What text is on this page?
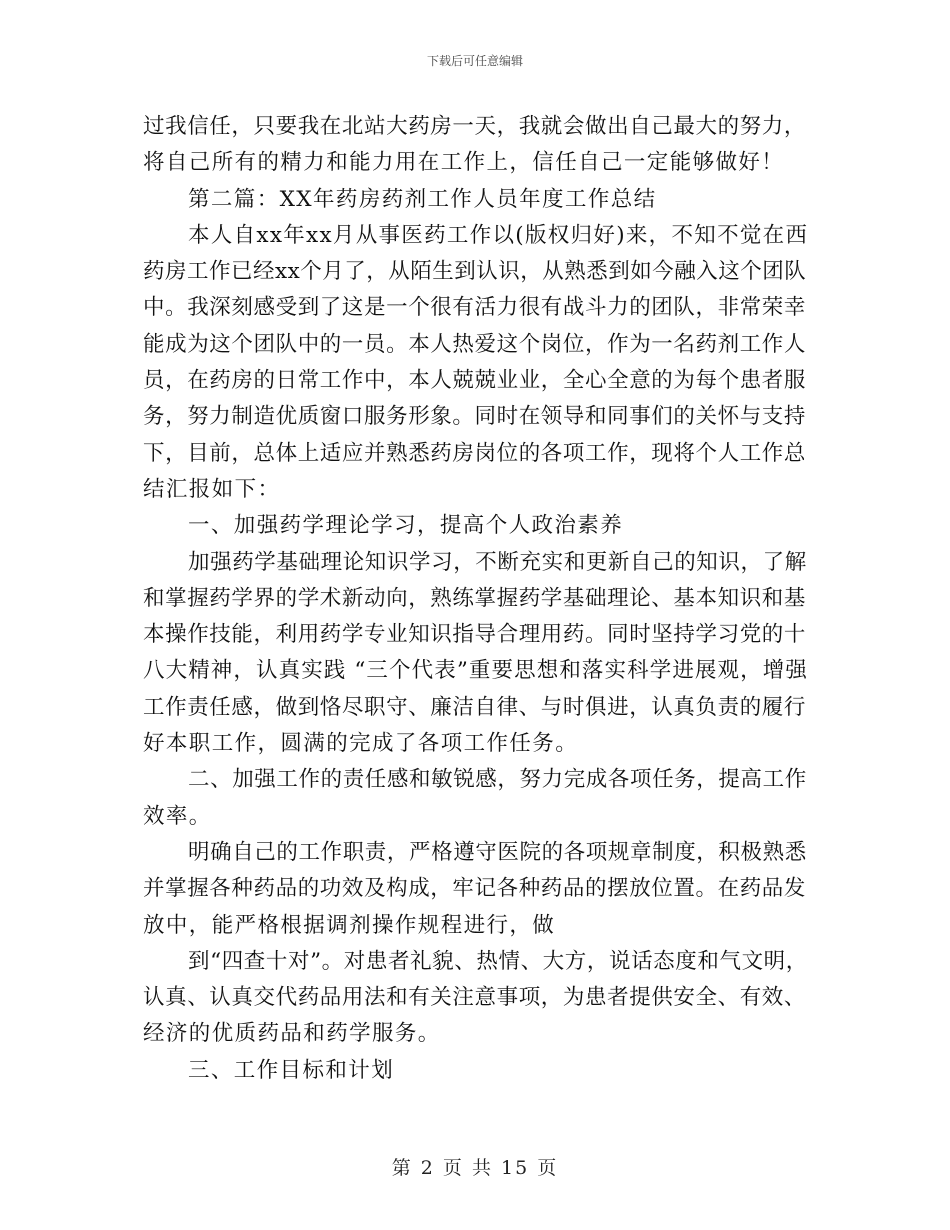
下载后可任意编辑
过我信任，只要我在北站大药房一天，我就会做出自己最大的努力，
将自己所有的精力和能力用在工作上，信任自己一定能够做好！
第二篇：XX年药房药剂工作人员年度工作总结
本人自xx年xx月从事医药工作以(版权归好)来，不知不觉在西
药房工作已经xx个月了，从陌生到认识，从熟悉到如今融入这个团队
中。我深刻感受到了这是一个很有活力很有战斗力的团队，非常荣幸
能成为这个团队中的一员。本人热爱这个岗位，作为一名药剂工作人
员，在药房的日常工作中，本人兢兢业业，全心全意的为每个患者服
务，努力制造优质窗口服务形象。同时在领导和同事们的关怀与支持
下，目前，总体上适应并熟悉药房岗位的各项工作，现将个人工作总
结汇报如下：
一、加强药学理论学习，提高个人政治素养
加强药学基础理论知识学习，不断充实和更新自己的知识，了解
和掌握药学界的学术新动向，熟练掌握药学基础理论、基本知识和基
本操作技能，利用药学专业知识指导合理用药。同时坚持学习党的十
八大精神，认真实践 “三个代表”重要思想和落实科学进展观，增强
工作责任感，做到恪尽职守、廉洁自律、与时俱进，认真负责的履行
好本职工作，圆满的完成了各项工作任务。
二、加强工作的责任感和敏锐感，努力完成各项任务，提高工作
效率。
明确自己的工作职责，严格遵守医院的各项规章制度，积极熟悉
并掌握各种药品的功效及构成，牢记各种药品的摆放位置。在药品发
放中，能严格根据调剂操作规程进行，做
到“四查十对”。对患者礼貌、热情、大方，说话态度和气文明，
认真、认真交代药品用法和有关注意事项，为患者提供安全、有效、
经济的优质药品和药学服务。
三、工作目标和计划
第 2 页 共 15 页
